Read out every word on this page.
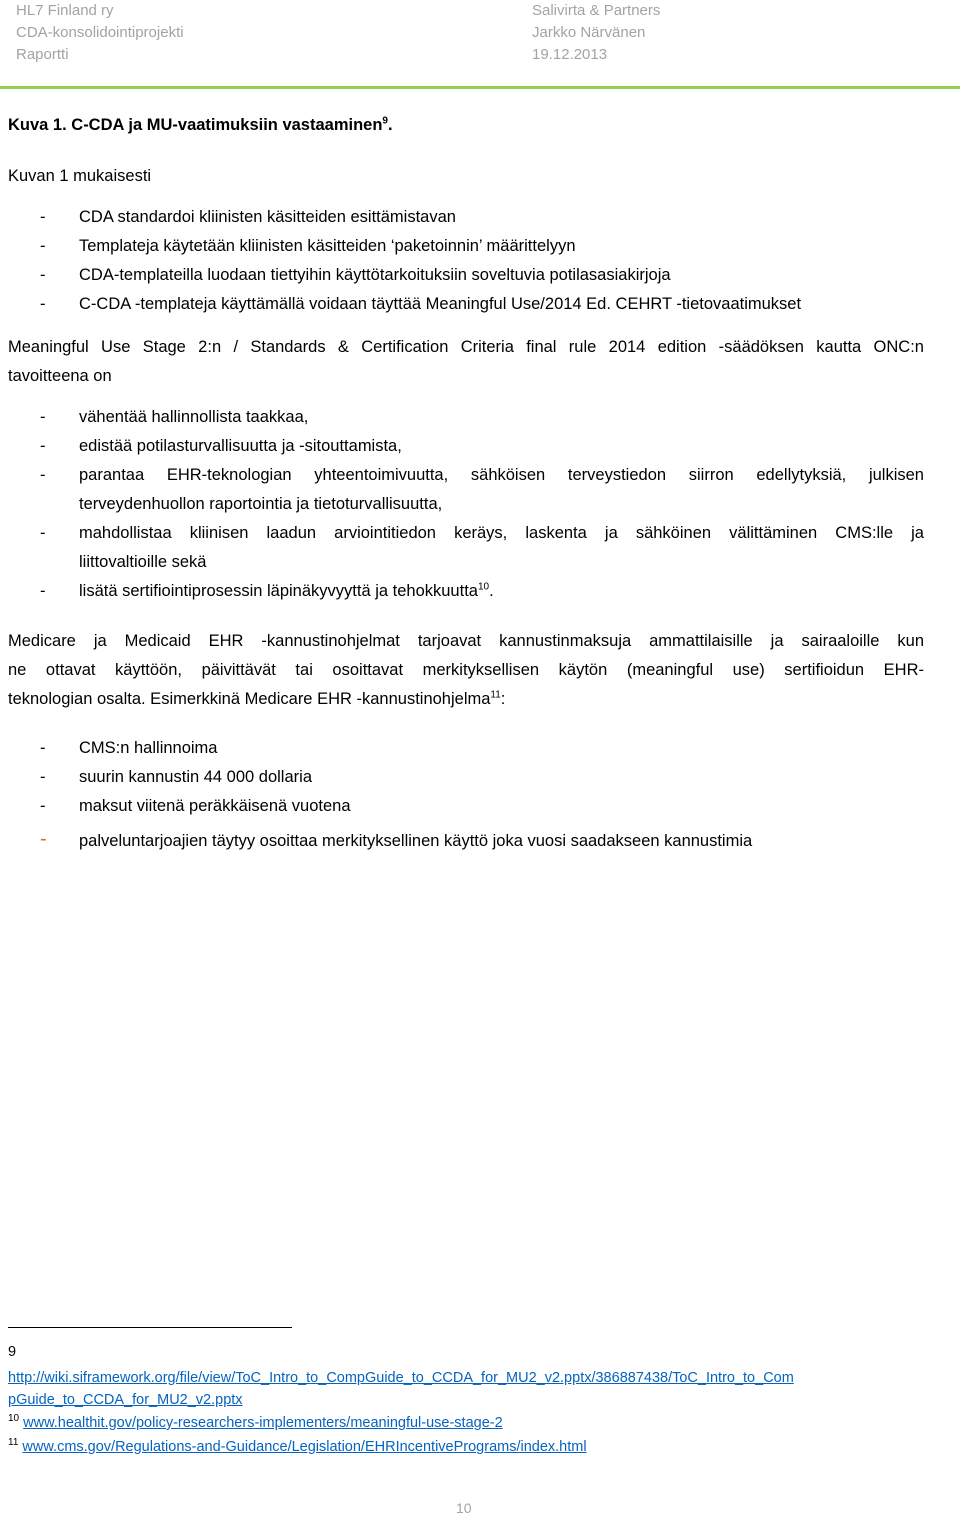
HL7 Finland ry
CDA-konsolidointiprojekti
Raportti
Salivirta & Partners
Jarkko Närvänen
19.12.2013
Kuva 1. C-CDA ja MU-vaatimuksiin vastaaminen$^9$.
Kuvan 1 mukaisesti
- CDA standardoi kliinisten käsitteiden esittämistavan
- Templateja käytetään kliinisten käsitteiden ‘paketoinnin’ määrittelyyn
- CDA-templateilla luodaan tiettyihin käyttötarkoituksiin soveltuvia potilasasiakirjoja
- C-CDA -templateja käyttämällä voidaan täyttää Meaningful Use/2014 Ed. CEHRT -tietovaatimukset
Meaningful Use Stage 2:n / Standards & Certification Criteria final rule 2014 edition -säädöksen kautta ONC:n
tavoitteena on
- vähentää hallinnollista taakkaa,
- edistää potilasturvallisuutta ja -sitouttamista,
- parantaa EHR-teknologian yhteentoimivuutta, sähköisen terveystiedon siirron edellytyksiä, julkisen
terveydenhuollon raportointia ja tietoturvallisuutta,
- mahdollistaa kliinisen laadun arviointitiedon keräys, laskenta ja sähköinen välittäminen CMS:lle ja
liittovaltioille sekä
- lisätä sertifiointiprosessin läpinäkyvyyttä ja tehokkuutta$^{10}$.
Medicare ja Medicaid EHR -kannustinohjelmat tarjoavat kannustinmaksuja ammattilaisille ja sairaaloille kun
ne ottavat käyttöön, päivittävät tai osoittavat merkityksellisen käytön (meaningful use) sertifioidun EHR-
teknologian osalta. Esimerkkinä Medicare EHR -kannustinohjelma$^{11}$:
- CMS:n hallinnoima
- suurin kannustin 44 000 dollaria
- maksut viitenä peräkkäisenä vuotena
- palveluntarjoajien täytyy osoittaa merkityksellinen käyttö joka vuosi saadakseen kannustimia
9
http://wiki.siframework.org/file/view/ToC_Intro_to_CompGuide_to_CCDA_for_MU2_v2.pptx/386887438/ToC_Intro_to_Com
pGuide_to_CCDA_for_MU2_v2.pptx
$^{10}$ www.healthit.gov/policy-researchers-implementers/meaningful-use-stage-2
$^{11}$ www.cms.gov/Regulations-and-Guidance/Legislation/EHRIncentivePrograms/index.html
10
